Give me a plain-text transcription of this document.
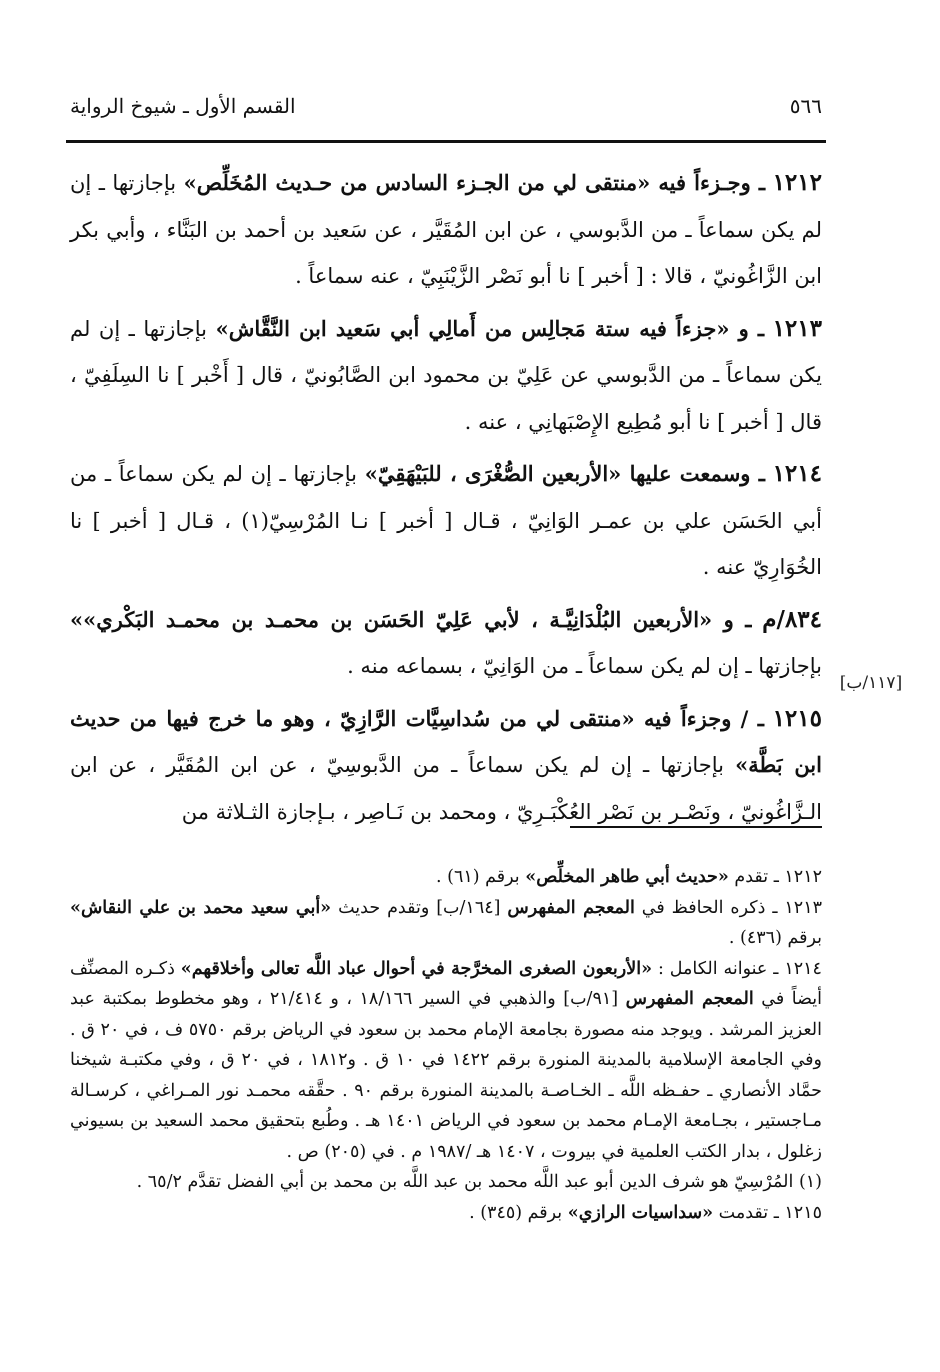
٥٦٦
القسم الأول ـ شيوخ الرواية
[١١٧/ب]

١٢١٢ ـ وجـزءاً فيه «منتقى لي من الجـزء السادس من حـديث المُخَلِّص» بإجازتها ـ إن لم يكن سماعاً ـ من الدَّبوسي ، عن ابن المُقَيَّر ، عن سَعيد بن أحمد بن البَنَّاء ، وأبي بكر ابن الزَّاغُونيّ ، قالا : [ أخبر ] نا أبو نَصْر الزَّيْنَبِيّ ، عنه سماعاً .

١٢١٣ ـ و «جزءاً فيه ستة مَجالِس من أَمالِي أبي سَعيد ابن النَّقَّاش» بإجازتها ـ إن لم يكن سماعاً ـ من الدَّبوسي عن عَلِيّ بن محمود ابن الصَّابُونيّ ، قال [ أَخْبر ] نا السِلَفِيّ ، قال [ أخبر ] نا أبو مُطِيع الإِصْبَهانِي ، عنه .

١٢١٤ ـ وسمعت عليها «الأربعين الصُّغْرَى ، للبَيْهَقِيّ» بإجازتها ـ إن لم يكن سماعاً ـ من أبي الحَسَن علي بن عمـر الوَانِيّ ، قـال [ أخبر ] نـا المُرْسِيّ(١) ، قـال [ أخبر ] نا الخُوَارِيّ عنه .

٨٣٤/م ـ و «الأربعين البُلْدَانِيَّـة ، لأبي عَلِيّ الحَسَن بن محمـد بن محمـد البَكْري»» بإجازتها ـ إن لم يكن سماعاً ـ من الوَانِيّ ، بسماعه منه .

١٢١٥ ـ / وجزءاً فيه «منتقى لي من سُداسِيَّات الرَّازِيّ ، وهو ما خرج فيها من حديث ابن بَطَّة» بإجازتها ـ إن لم يكن سماعاً ـ من الدَّبوسِيّ ، عن ابن المُقَيَّر ، عن ابن الـزَّاغُونيّ ، ونَصْـر بن نَصْر العُكْبَـرِيّ ، ومحمد بن نَـاصِر ، بـإجازة الثـلاثة من

١٢١٢ ـ تقدم «حديث أبي طاهر المخلِّص» برقم (٦١) .

١٢١٣ ـ ذكره الحافظ في المعجم المفهرس [١٦٤/ب] وتقدم حديث «أبي سعيد محمد بن علي النقاش» برقم (٤٣٦) .

١٢١٤ ـ عنوانه الكامل : «الأربعون الصغرى المخرَّجة في أحوال عباد اللَّه تعالى وأخلاقهم» ذكـره المصنِّف أيضاً في المعجم المفهرس [٩١/ب] والذهبي في السير ١٨/١٦٦ ، و ٢١/٤١٤ ، وهو مخطوط بمكتبة عبد العزيز المرشد . ويوجد منه مصورة بجامعة الإمام محمد بن سعود في الرياض برقم ٥٧٥٠ ف ، في ٢٠ ق . وفي الجامعة الإسلامية بالمدينة المنورة برقم ١٤٢٢ في ١٠ ق . و١٨١٢ ، في ٢٠ ق ، وفي مكتبـة شيخنا حمَّاد الأنصاري ـ حفـظه اللَّه ـ الخـاصـة بالمدينة المنورة برقم ٩٠ . حقَّقه محمـد نور المـراغي ، كرسـالة مـاجستير ، بجـامعة الإمـام محمد بن سعود في الرياض ١٤٠١ هـ . وطُبع بتحقيق محمد السعيد بن بسيوني زغلول ، بدار الكتب العلمية في بيروت ، ١٤٠٧ هـ /١٩٨٧ م . في (٢٠٥) ص .

(١) المُرْسِيّ هو شرف الدين أبو عبد اللَّه محمد بن عبد اللَّه بن محمد بن أبي الفضل تقدَّم ٦٥/٢ .

١٢١٥ ـ تقدمت «سداسيات الرازي» برقم (٣٤٥) .
